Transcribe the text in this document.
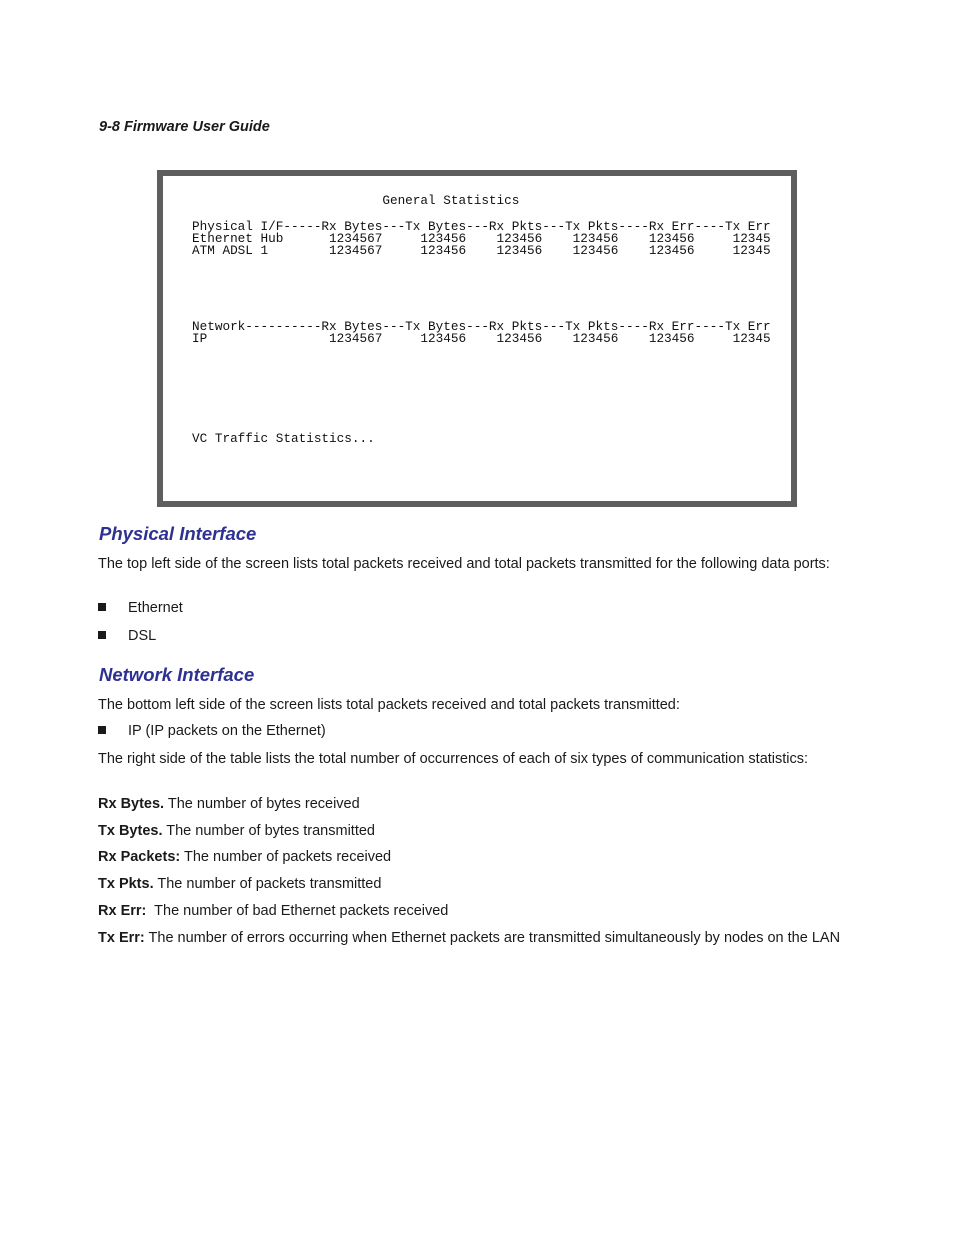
9-8 Firmware User Guide
General Statistics
Physical I/F-----Rx Bytes---Tx Bytes---Rx Pkts---Tx Pkts----Rx Err----Tx Err
Ethernet Hub      1234567     123456    123456    123456    123456     12345
ATM ADSL 1        1234567     123456    123456    123456    123456     12345
Network----------Rx Bytes---Tx Bytes---Rx Pkts---Tx Pkts----Rx Err----Tx Err
IP                1234567     123456    123456    123456    123456     12345
VC Traffic Statistics...
Physical Interface

The top left side of the screen lists total packets received and total packets transmitted for the following data ports:

Ethernet

DSL

Network Interface

The bottom left side of the screen lists total packets received and total packets transmitted:

IP (IP packets on the Ethernet)

The right side of the table lists the total number of occurrences of each of six types of communication statistics:

Rx Bytes. The number of bytes received

Tx Bytes. The number of bytes transmitted

Rx Packets: The number of packets received

Tx Pkts. The number of packets transmitted

Rx Err:  The number of bad Ethernet packets received

Tx Err: The number of errors occurring when Ethernet packets are transmitted simultaneously by nodes on the LAN
